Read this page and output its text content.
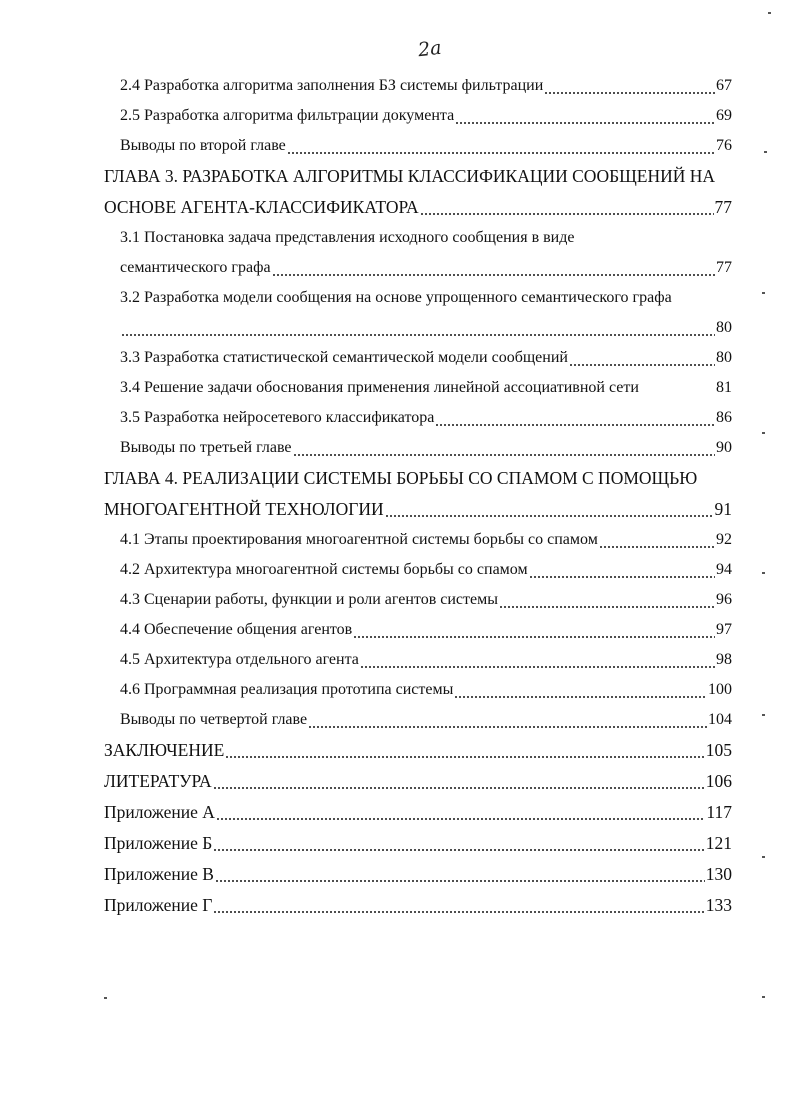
2a
2.4 Разработка алгоритма заполнения БЗ системы фильтрации	67
2.5 Разработка алгоритма фильтрации документа	69
Выводы по второй главе	76
ГЛАВА 3. РАЗРАБОТКА АЛГОРИТМЫ КЛАССИФИКАЦИИ СООБЩЕНИЙ НА
ОСНОВЕ АГЕНТА-КЛАССИФИКАТОРА	77
3.1 Постановка задача представления исходного сообщения в виде
семантического графа	77
3.2 Разработка модели сообщения на основе упрощенного семантического графа
80
3.3 Разработка статистической семантической модели сообщений	80
3.4 Решение задачи обоснования применения линейной ассоциативной сети	81
3.5 Разработка нейросетевого классификатора	86
Выводы по третьей главе	90
ГЛАВА 4. РЕАЛИЗАЦИИ СИСТЕМЫ БОРЬБЫ СО СПАМОМ С ПОМОЩЬЮ
МНОГОАГЕНТНОЙ ТЕХНОЛОГИИ	91
4.1 Этапы проектирования многоагентной системы борьбы со спамом	92
4.2 Архитектура многоагентной системы борьбы со спамом	94
4.3 Сценарии работы, функции и роли агентов системы	96
4.4 Обеспечение общения агентов	97
4.5 Архитектура отдельного агента	98
4.6 Программная реализация прототипа системы	100
Выводы по четвертой главе	104
ЗАКЛЮЧЕНИЕ	105
ЛИТЕРАТУРА	106
Приложение А	117
Приложение Б	121
Приложение В	130
Приложение Г	133
